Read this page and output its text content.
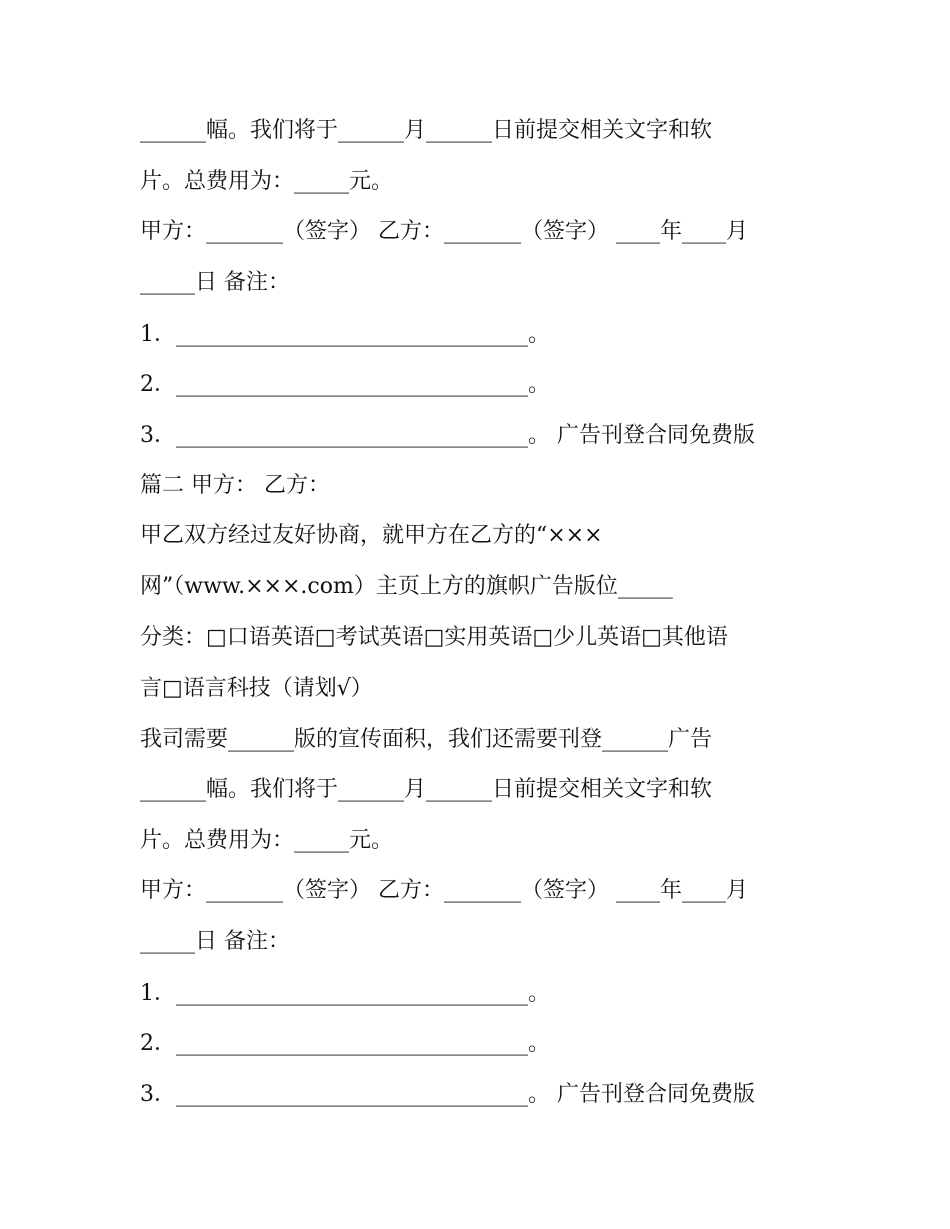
______幅。我们将于______月______日前提交相关文字和软
片。总费用为：_____元。
甲方：_______（签字） 乙方：_______（签字） ____年____月
_____日 备注：
1．________________________________。
2．________________________________。
3．________________________________。 广告刊登合同免费版
篇二 甲方： 乙方：
甲乙双方经过友好协商，就甲方在乙方的“×××
网”（www.×××.com）主页上方的旗帜广告版位_____
分类：□口语英语□考试英语□实用英语□少儿英语□其他语
言□语言科技（请划√）
我司需要______版的宣传面积，我们还需要刊登______广告
______幅。我们将于______月______日前提交相关文字和软
片。总费用为：_____元。
甲方：_______（签字） 乙方：_______（签字） ____年____月
_____日 备注：
1．________________________________。
2．________________________________。
3．________________________________。 广告刊登合同免费版
